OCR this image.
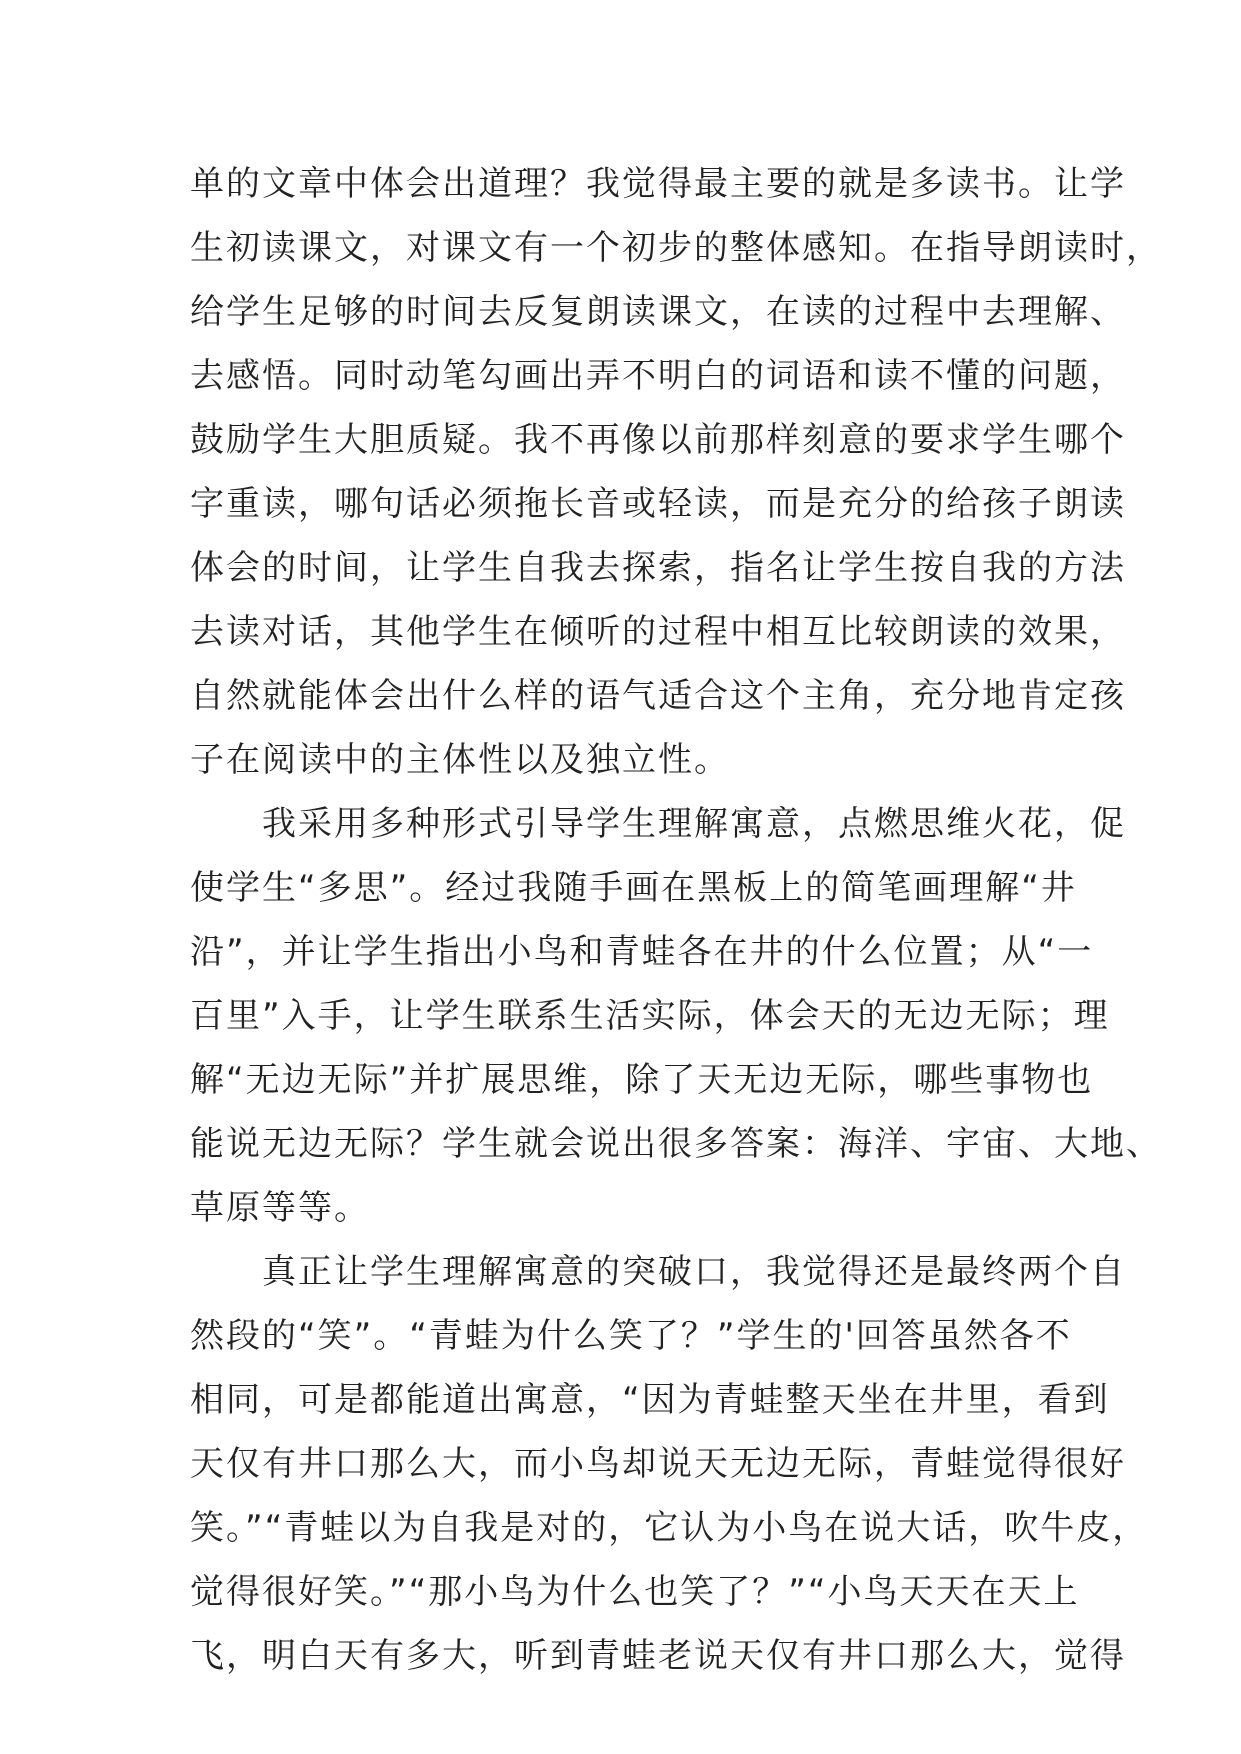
单的文章中体会出道理？我觉得最主要的就是多读书。让学
生初读课文，对课文有一个初步的整体感知。在指导朗读时，
给学生足够的时间去反复朗读课文，在读的过程中去理解、
去感悟。同时动笔勾画出弄不明白的词语和读不懂的问题，
鼓励学生大胆质疑。我不再像以前那样刻意的要求学生哪个
字重读，哪句话必须拖长音或轻读，而是充分的给孩子朗读
体会的时间，让学生自我去探索，指名让学生按自我的方法
去读对话，其他学生在倾听的过程中相互比较朗读的效果，
自然就能体会出什么样的语气适合这个主角，充分地肯定孩
子在阅读中的主体性以及独立性。
我采用多种形式引导学生理解寓意，点燃思维火花，促
使学生“多思”。经过我随手画在黑板上的简笔画理解“井
沿”，并让学生指出小鸟和青蛙各在井的什么位置；从“一
百里”入手，让学生联系生活实际，体会天的无边无际；理
解“无边无际”并扩展思维，除了天无边无际，哪些事物也
能说无边无际？学生就会说出很多答案：海洋、宇宙、大地、
草原等等。
真正让学生理解寓意的突破口，我觉得还是最终两个自
然段的“笑”。“青蛙为什么笑了？”学生的'回答虽然各不
相同，可是都能道出寓意，“因为青蛙整天坐在井里，看到
天仅有井口那么大，而小鸟却说天无边无际，青蛙觉得很好
笑。”“青蛙以为自我是对的，它认为小鸟在说大话，吹牛皮，
觉得很好笑。”“那小鸟为什么也笑了？”“小鸟天天在天上
飞，明白天有多大，听到青蛙老说天仅有井口那么大，觉得
